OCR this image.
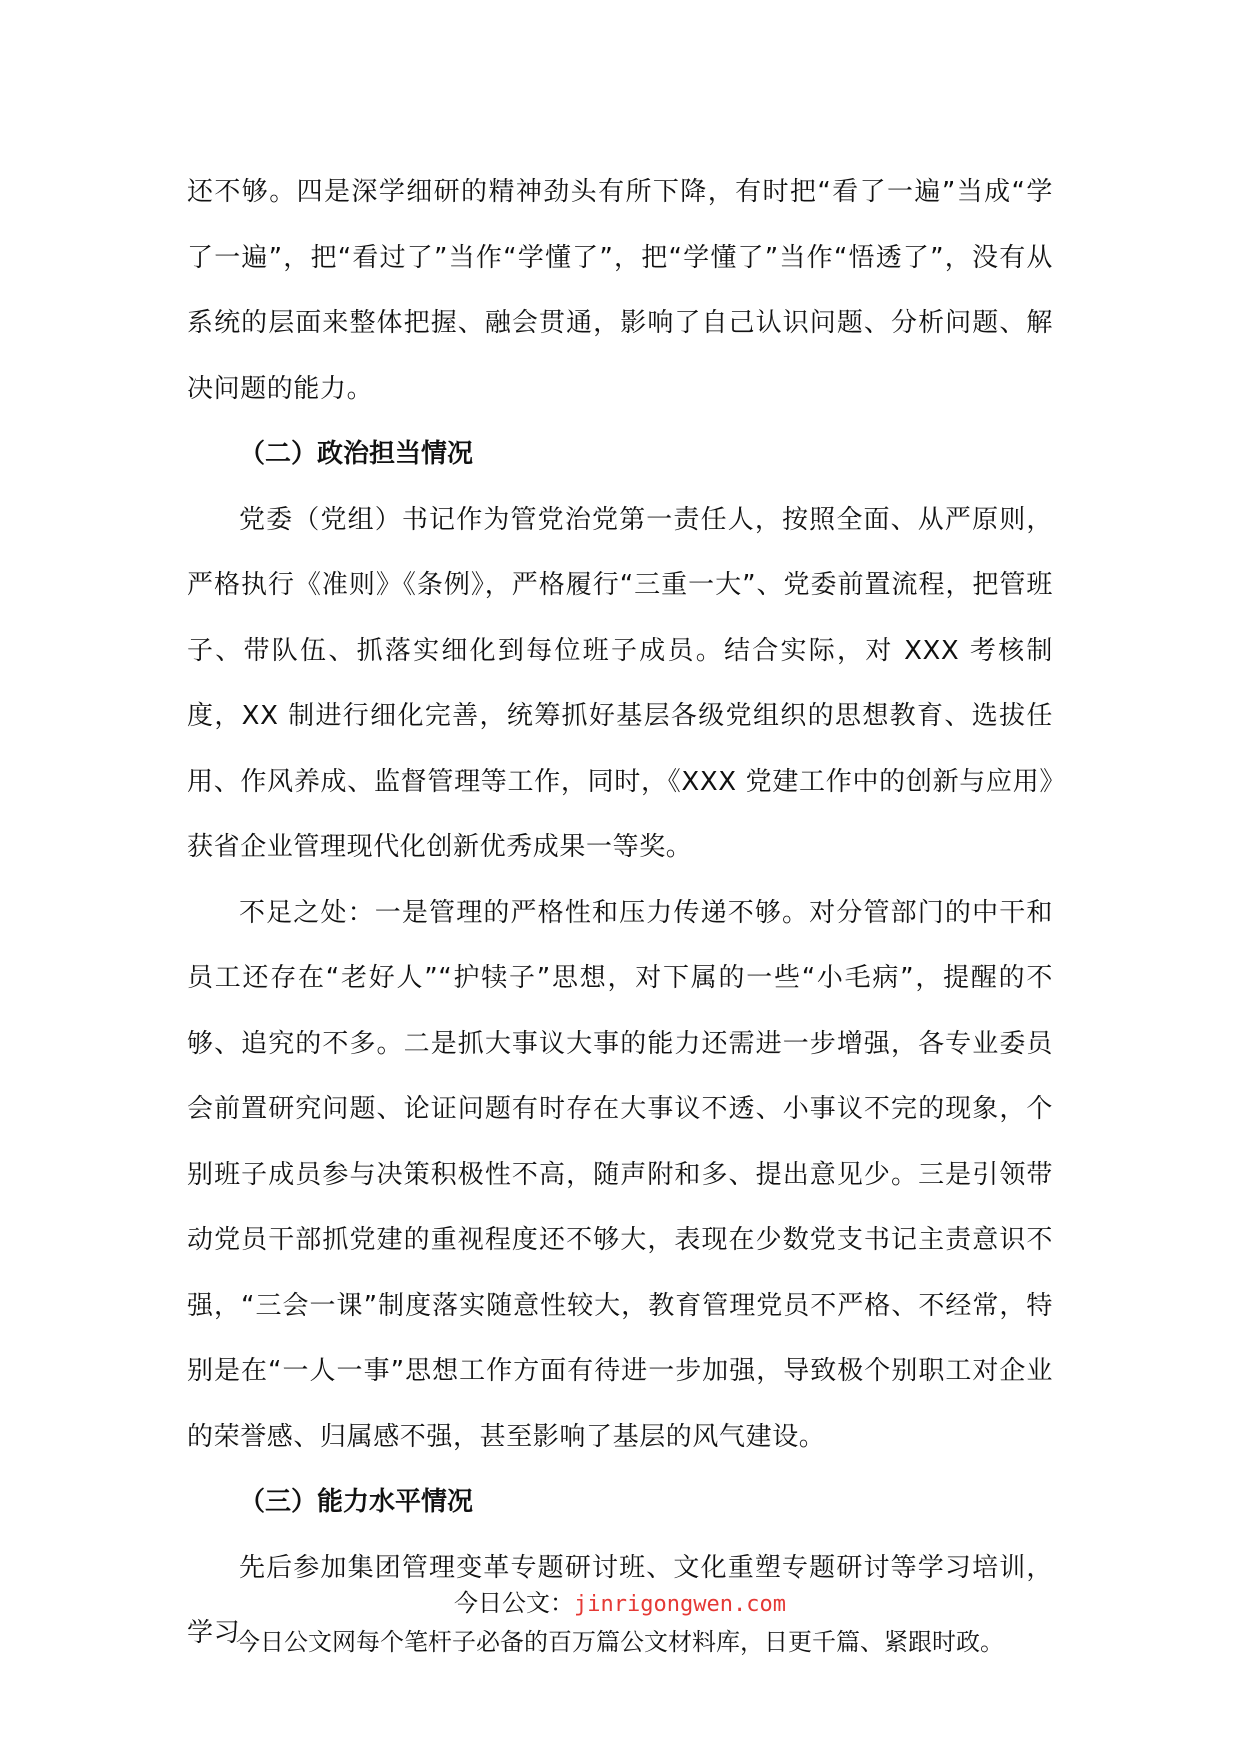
还不够。四是深学细研的精神劲头有所下降，有时把“看了一遍”当成“学了一遍”，把“看过了”当作“学懂了”，把“学懂了”当作“悟透了”，没有从系统的层面来整体把握、融会贯通，影响了自己认识问题、分析问题、解决问题的能力。

（二）政治担当情况

党委（党组）书记作为管党治党第一责任人，按照全面、从严原则，严格执行《准则》《条例》，严格履行“三重一大”、党委前置流程，把管班子、带队伍、抓落实细化到每位班子成员。结合实际，对 XXX 考核制度，XX 制进行细化完善，统筹抓好基层各级党组织的思想教育、选拔任用、作风养成、监督管理等工作，同时，《XXX 党建工作中的创新与应用》获省企业管理现代化创新优秀成果一等奖。

不足之处：一是管理的严格性和压力传递不够。对分管部门的中干和员工还存在“老好人”“护犊子”思想，对下属的一些“小毛病”，提醒的不够、追究的不多。二是抓大事议大事的能力还需进一步增强，各专业委员会前置研究问题、论证问题有时存在大事议不透、小事议不完的现象，个别班子成员参与决策积极性不高，随声附和多、提出意见少。三是引领带动党员干部抓党建的重视程度还不够大，表现在少数党支书记主责意识不强，“三会一课”制度落实随意性较大，教育管理党员不严格、不经常，特别是在“一人一事”思想工作方面有待进一步加强，导致极个别职工对企业的荣誉感、归属感不强，甚至影响了基层的风气建设。

（三）能力水平情况

先后参加集团管理变革专题研讨班、文化重塑专题研讨等学习培训，学习

今日公文：jinrigongwen.com
今日公文网每个笔杆子必备的百万篇公文材料库，日更千篇、紧跟时政。
